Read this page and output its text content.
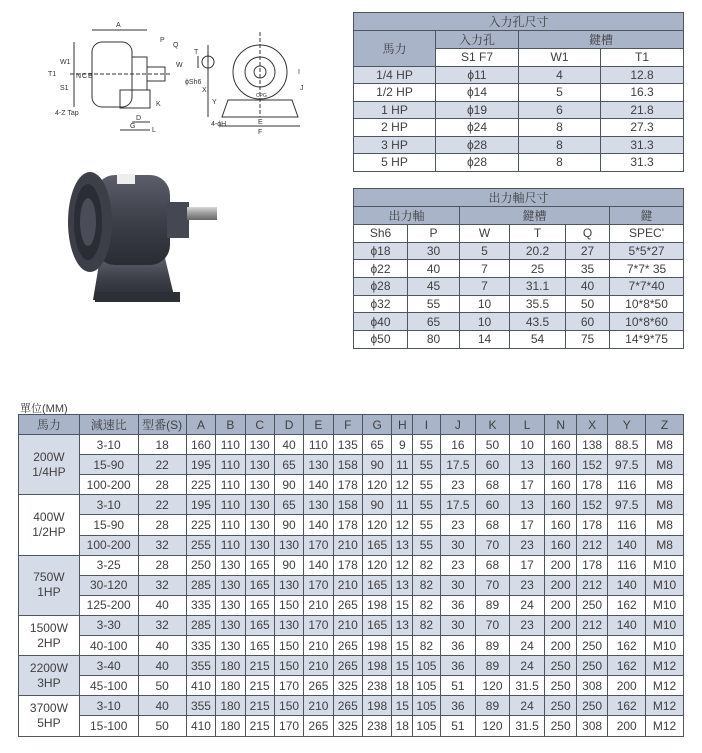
A
P
Q
W1
T1
S1
N C B
4-Z Tap
D
G
K
W
T
ϕSh6
X
Y
4-ϕH	E
F
I
J
L
CPG
入力孔尺寸			
馬力	入力孔	鍵槽	
	S1 F7	W1	T1
1/4 HP	ϕ11	4	12.8
1/2 HP	ϕ14	5	16.3
1 HP	ϕ19	6	21.8
2 HP	ϕ24	8	27.3
3 HP	ϕ28	8	31.3
5 HP	ϕ28	8	31.3
出力軸尺寸					
出力軸		鍵槽			鍵
Sh6	P	W	T	Q	SPEC'
ϕ18	30	5	20.2	27	5*5*27
ϕ22	40	7	25	35	7*7* 35
ϕ28	45	7	31.1	40	7*7*40
ϕ32	55	10	35.5	50	10*8*50
ϕ40	65	10	43.5	60	10*8*60
ϕ50	80	14	54	75	14*9*75
單位(MM)
馬力	減速比	型番(S)	A	B	C	D	E	F	G	H	I	J	K	L	N	X	Y	Z
200W
1/4HP	3-10	18	160	110	130	40	110	135	65	9	55	16	50	10	160	138	88.5	M8
	15-90	22	195	110	130	65	130	158	90	11	55	17.5	60	13	160	152	97.5	M8
	100-200	28	225	110	130	90	140	178	120	12	55	23	68	17	160	178	116	M8
400W
1/2HP	3-10	22	195	110	130	65	130	158	90	11	55	17.5	60	13	160	152	97.5	M8
	15-90	28	225	110	130	90	140	178	120	12	55	23	68	17	160	178	116	M8
	100-200	32	255	110	130	130	170	210	165	13	55	30	70	23	160	212	140	M8
750W
1HP	3-25	28	250	130	165	90	140	178	120	12	82	23	68	17	200	178	116	M10
	30-120	32	285	130	165	130	170	210	165	13	82	30	70	23	200	212	140	M10
	125-200	40	335	130	165	150	210	265	198	15	82	36	89	24	200	250	162	M10
1500W
2HP	3-30	32	285	130	165	130	170	210	165	13	82	30	70	23	200	212	140	M10
	40-100	40	335	130	165	150	210	265	198	15	82	36	89	24	200	250	162	M10
2200W
3HP	3-40	40	355	180	215	150	210	265	198	15	105	36	89	24	250	250	162	M12
	45-100	50	410	180	215	170	265	325	238	18	105	51	120	31.5	250	308	200	M12
3700W
5HP	3-10	40	355	180	215	150	210	265	198	15	105	36	89	24	250	250	162	M12
	15-100	50	410	180	215	170	265	325	238	18	105	51	120	31.5	250	308	200	M12
